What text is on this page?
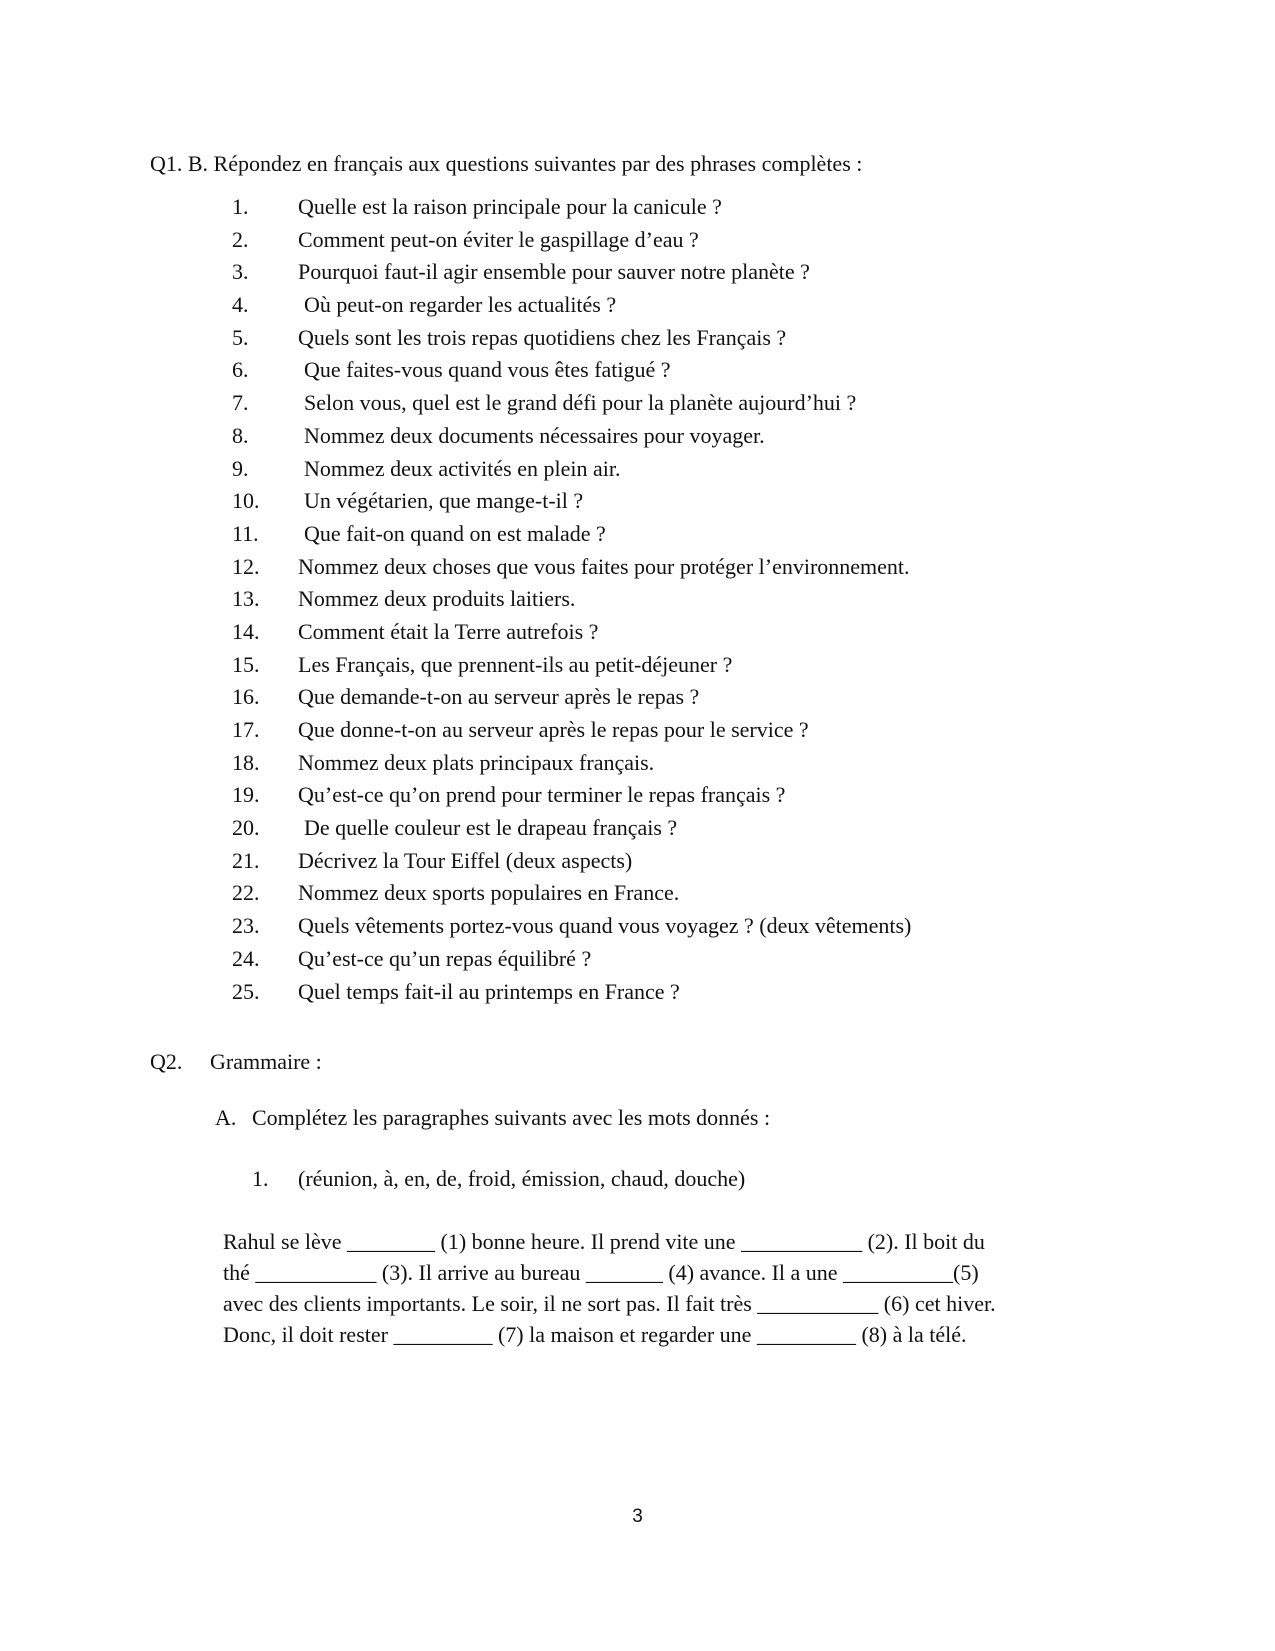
Q1. B. Répondez en français aux questions suivantes par des phrases complètes :
1. Quelle est la raison principale pour la canicule ?
2. Comment peut-on éviter le gaspillage d’eau ?
3. Pourquoi faut-il agir ensemble pour sauver notre planète ?
4.	Où peut-on regarder les actualités ?
5. Quels sont les trois repas quotidiens chez les Français ?
6.	Que faites-vous quand vous êtes fatigué ?
7.	Selon vous, quel est le grand défi pour la planète aujourd’hui ?
8.	Nommez deux documents nécessaires pour voyager.
9.	Nommez deux activités en plein air.
10. Un végétarien, que mange-t-il ?
11. Que fait-on quand on est malade ?
12. Nommez deux choses que vous faites pour protéger l’environnement.
13. Nommez deux produits laitiers.
14. Comment était la Terre autrefois ?
15. Les Français, que prennent-ils au petit-déjeuner ?
16. Que demande-t-on au serveur après le repas ?
17. Que donne-t-on au serveur après le repas pour le service ?
18. Nommez deux plats principaux français.
19. Qu’est-ce qu’on prend pour terminer le repas français ?
20. De quelle couleur est le drapeau français ?
21. Décrivez la Tour Eiffel (deux aspects)
22. Nommez deux sports populaires en France.
23. Quels vêtements portez-vous quand vous voyagez ? (deux vêtements)
24. Qu’est-ce qu’un repas équilibré ?
25. Quel temps fait-il au printemps en France ?
Q2. Grammaire :
A. Complétez les paragraphes suivants avec les mots donnés :
1. (réunion, à, en, de, froid, émission, chaud, douche)
Rahul se lève ________ (1) bonne heure. Il prend vite une ___________ (2). Il boit du
thé ___________ (3). Il arrive au bureau _______ (4) avance. Il a une __________(5)
avec des clients importants. Le soir, il ne sort pas. Il fait très ___________ (6) cet hiver.
Donc, il doit rester _________ (7) la maison et regarder une _________ (8) à la télé.
3
